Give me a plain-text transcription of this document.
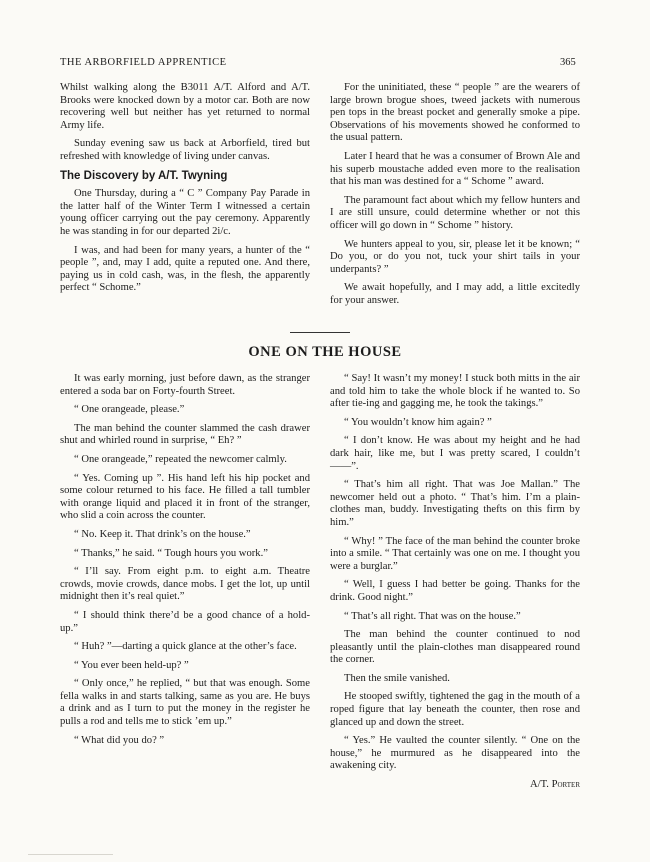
THE ARBORFIELD APPRENTICE	365

Whilst walking along the B3011 A/T. Alford and A/T. Brooks were knocked down by a motor car. Both are now recovering well but neither has yet returned to normal Army life.

Sunday evening saw us back at Arborfield, tired but refreshed with knowledge of living under canvas.

The Discovery by A/T. Twyning

One Thursday, during a “ C ” Company Pay Parade in the latter half of the Winter Term I witnessed a certain young officer carrying out the pay ceremony. Apparently he was standing in for our departed 2i/c.

I was, and had been for many years, a hunter of the “ people ”, and, may I add, quite a reputed one. And there, paying us in cold cash, was, in the flesh, the apparently perfect “ Schome.”

For the uninitiated, these “ people ” are the wearers of large brown brogue shoes, tweed jackets with numerous pen tops in the breast pocket and generally smoke a pipe. Observations of his movements showed he conformed to the usual pattern.

Later I heard that he was a consumer of Brown Ale and his superb moustache added even more to the realisation that his man was destined for a “ Schome ” award.

The paramount fact about which my fellow hunters and I are still unsure, could determine whether or not this officer will go down in “ Schome ” history.

We hunters appeal to you, sir, please let it be known; “ Do you, or do you not, tuck your shirt tails in your underpants? ”

We await hopefully, and I may add, a little excitedly for your answer.

ONE ON THE HOUSE

It was early morning, just before dawn, as the stranger entered a soda bar on Forty-fourth Street.

“ One orangeade, please.”

The man behind the counter slammed the cash drawer shut and whirled round in surprise, “ Eh? ”

“ One orangeade,” repeated the newcomer calmly.

“ Yes. Coming up ”. His hand left his hip pocket and some colour returned to his face. He filled a tall tumbler with orange liquid and placed it in front of the stranger, who slid a coin across the counter.

“ No. Keep it. That drink’s on the house.”

“ Thanks,” he said. “ Tough hours you work.”

“ I’ll say. From eight p.m. to eight a.m. Theatre crowds, movie crowds, dance mobs. I get the lot, up until midnight then it’s real quiet.”

“ I should think there’d be a good chance of a hold-up.”

“ Huh? ”—darting a quick glance at the other’s face.

“ You ever been held-up? ”

“ Only once,” he replied, “ but that was enough. Some fella walks in and starts talking, same as you are. He buys a drink and as I turn to put the money in the register he pulls a rod and tells me to stick ’em up.”

“ What did you do? ”

“ Say! It wasn’t my money! I stuck both mitts in the air and told him to take the whole block if he wanted to. So after tie-ing and gagging me, he took the takings.”

“ You wouldn’t know him again? ”

“ I don’t know. He was about my height and he had dark hair, like me, but I was pretty scared, I couldn’t——”.

“ That’s him all right. That was Joe Mallan.” The newcomer held out a photo. “ That’s him. I’m a plain-clothes man, buddy. Investigating thefts on this firm by him.”

“ Why! ” The face of the man behind the counter broke into a smile. “ That certainly was one on me. I thought you were a burglar.”

“ Well, I guess I had better be going. Thanks for the drink. Good night.”

“ That’s all right. That was on the house.”

The man behind the counter continued to nod pleasantly until the plain-clothes man disappeared round the corner.

Then the smile vanished.

He stooped swiftly, tightened the gag in the mouth of a roped figure that lay beneath the counter, then rose and glanced up and down the street.

“ Yes.” He vaulted the counter silently. “ One on the house,” he murmured as he disappeared into the awakening city.

A/T. Porter
